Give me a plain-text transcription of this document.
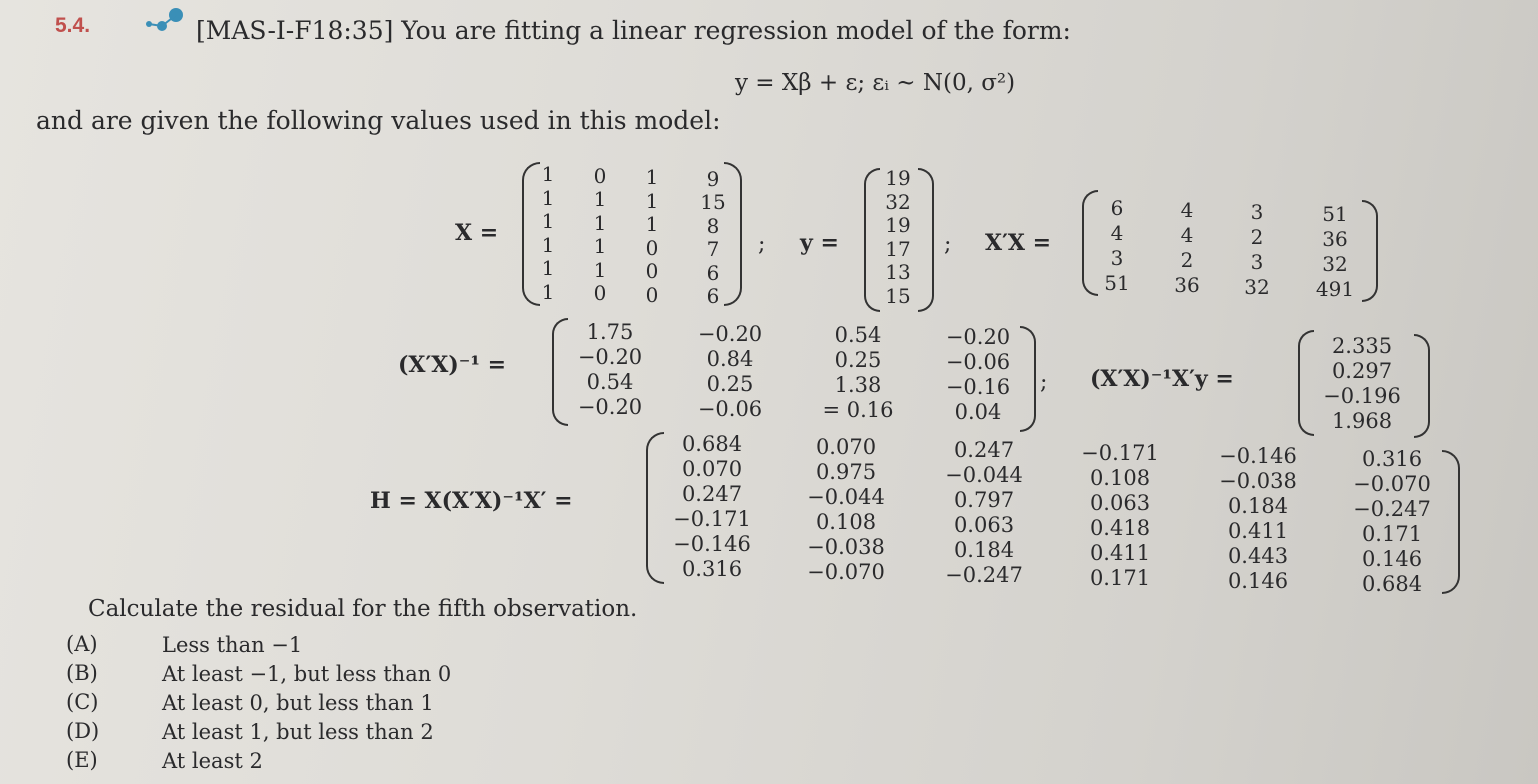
5.4.	[MAS-I-F18:35] You are fitting a linear regression model of the form:
y = Xβ + ε; εᵢ ~ N(0, σ²)
and are given the following values used in this model:
X =
1	0	1	9
1	1	1	15
1	1	1	8
1	1	0	7
1	1	0	6
1	0	0	6
; y =
19
32
19
17
13
15
; X′X =
6	4	3	51
4	4	2	36
3	2	3	32
51	36	32	491
(X′X)⁻¹ =
1.75	−0.20	0.54	−0.20
−0.20	0.84	0.25	−0.06
0.54	0.25	1.38	−0.16
−0.20	−0.06	= 0.16	0.04
; (X′X)⁻¹X′y =
2.335
0.297
−0.196
1.968
H = X(X′X)⁻¹X′ =
0.684	0.070	0.247	−0.171	−0.146	0.316
0.070	0.975	−0.044	0.108	−0.038	−0.070
0.247	−0.044	0.797	0.063	0.184	−0.247
−0.171	0.108	0.063	0.418	0.411	0.171
−0.146	−0.038	0.184	0.411	0.443	0.146
0.316	−0.070	−0.247	0.171	0.146	0.684
Calculate the residual for the fifth observation.
(A)	Less than −1
(B)	At least −1, but less than 0
(C)	At least 0, but less than 1
(D)	At least 1, but less than 2
(E)	At least 2
